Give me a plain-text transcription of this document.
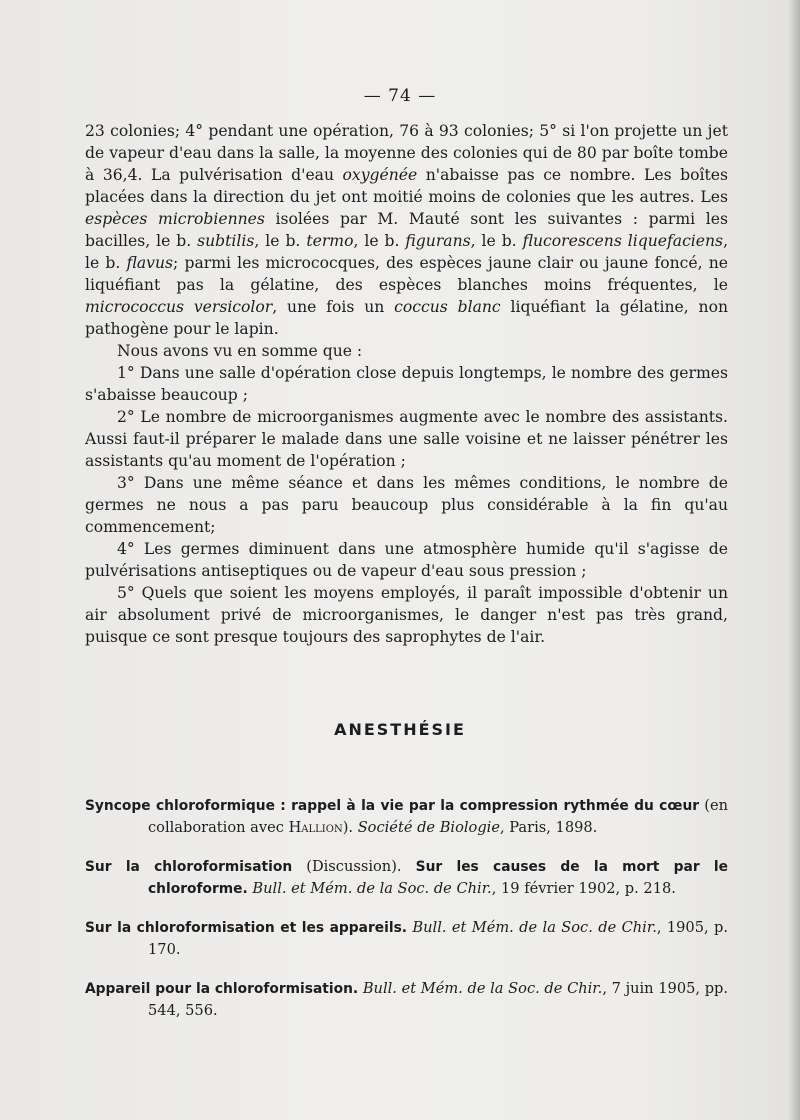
— 74 —

23 colonies; 4° pendant une opération, 76 à 93 colonies; 5° si l'on projette un jet de vapeur d'eau dans la salle, la moyenne des colonies qui de 80 par boîte tombe à 36,4. La pulvérisation d'eau oxygénée n'abaisse pas ce nombre. Les boîtes placées dans la direction du jet ont moitié moins de colonies que les autres. Les espèces microbiennes isolées par M. Mauté sont les suivantes : parmi les bacilles, le b. subtilis, le b. termo, le b. figurans, le b. flucorescens liquefaciens, le b. flavus; parmi les micrococques, des espèces jaune clair ou jaune foncé, ne liquéfiant pas la gélatine, des espèces blanches moins fréquentes, le micrococcus versicolor, une fois un coccus blanc liquéfiant la gélatine, non pathogène pour le lapin.

Nous avons vu en somme que :

1° Dans une salle d'opération close depuis longtemps, le nombre des germes s'abaisse beaucoup ;

2° Le nombre de microorganismes augmente avec le nombre des assistants. Aussi faut-il préparer le malade dans une salle voisine et ne laisser pénétrer les assistants qu'au moment de l'opération ;

3° Dans une même séance et dans les mêmes conditions, le nombre de germes ne nous a pas paru beaucoup plus considérable à la fin qu'au commencement;

4° Les germes diminuent dans une atmosphère humide qu'il s'agisse de pulvérisations antiseptiques ou de vapeur d'eau sous pression ;

5° Quels que soient les moyens employés, il paraît impossible d'obtenir un air absolument privé de microorganismes, le danger n'est pas très grand, puisque ce sont presque toujours des saprophytes de l'air.

ANESTHÉSIE

Syncope chloroformique : rappel à la vie par la compression rythmée du cœur (en collaboration avec Hallion). Société de Biologie, Paris, 1898.

Sur la chloroformisation (Discussion). Sur les causes de la mort par le chloroforme. Bull. et Mém. de la Soc. de Chir., 19 février 1902, p. 218.

Sur la chloroformisation et les appareils. Bull. et Mém. de la Soc. de Chir., 1905, p. 170.

Appareil pour la chloroformisation. Bull. et Mém. de la Soc. de Chir., 7 juin 1905, pp. 544, 556.
